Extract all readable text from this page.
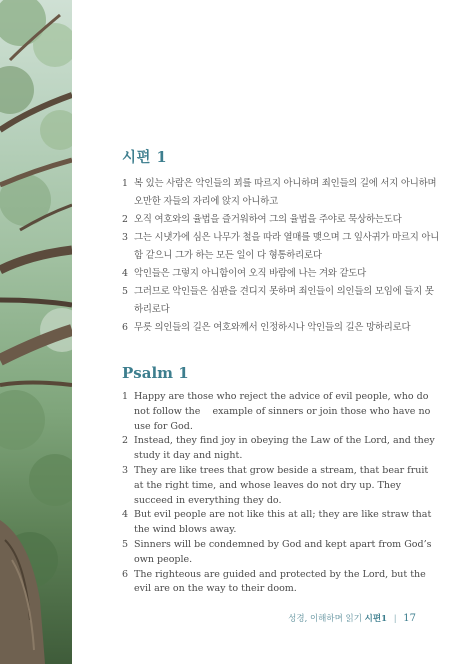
시편 1
1 복 있는 사람은 악인들의 꾀를 따르지 아니하며 죄인들의 길에 서지 아니하며 오만한 자들의 자리에 앉지 아니하고
2 오직 여호와의 율법을 즐거워하여 그의 율법을 주야로 묵상하는도다
3 그는 시냇가에 심은 나무가 철을 따라 열매를 맺으며 그 잎사귀가 마르지 아니함 같으니 그가 하는 모든 일이 다 형통하리로다
4 악인들은 그렇지 아니함이여 오직 바람에 나는 겨와 같도다
5 그러므로 악인들은 심판을 견디지 못하며 죄인들이 의인들의 모임에 들지 못하리로다
6 무릇 의인들의 길은 여호와께서 인정하시나 악인들의 길은 망하리로다
Psalm 1
1 Happy are those who reject the advice of evil people, who do not follow the    example of sinners or join those who have no use for God.
2 Instead, they find joy in obeying the Law of the Lord, and they study it day and night.
3 They are like trees that grow beside a stream, that bear fruit at the right time, and whose leaves do not dry up. They succeed in everything they do.
4 But evil people are not like this at all; they are like straw that the wind blows away.
5 Sinners will be condemned by God and kept apart from God’s own people.
6 The righteous are guided and protected by the Lord, but the evil are on the way to their doom.
성경, 이해하며 읽기 시편1 | 17
